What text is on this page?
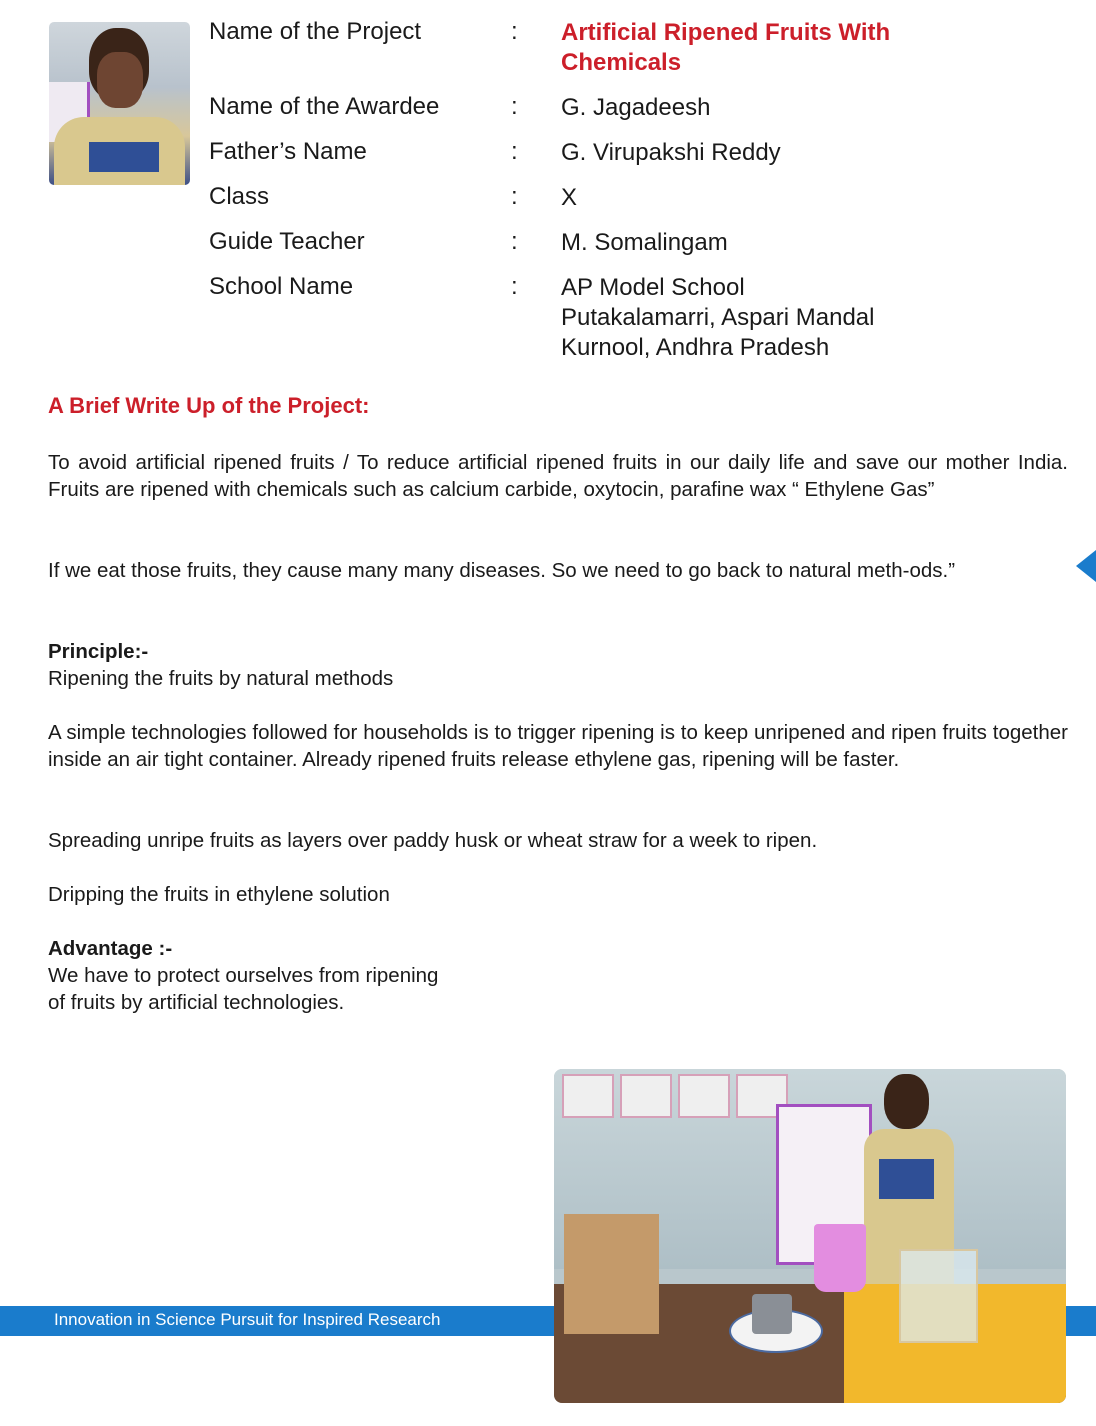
Name of the Project	: Artificial Ripened Fruits With Chemicals
Name of the Awardee	: G. Jagadeesh
Father’s Name	: G. Virupakshi Reddy
Class	: X
Guide Teacher	: M. Somalingam
School Name	: AP Model School
Putakalamarri, Aspari Mandal
Kurnool, Andhra Pradesh
A Brief Write Up of the Project:

To avoid artificial ripened fruits / To reduce artificial ripened fruits in our daily life and save our mother India. Fruits are ripened with chemicals such as calcium carbide, oxytocin, parafine wax “ Ethylene Gas”

If we eat those fruits, they cause many many diseases. So we need to go back to natural meth-ods.”

Principle:-

Ripening the fruits by natural methods

A simple technologies followed for households is to trigger ripening is to keep unripened and ripen fruits together inside an air tight container. Already ripened fruits release ethylene gas, ripening will be faster.

Spreading unripe fruits as layers over paddy husk or wheat straw for a week to ripen.

Dripping the fruits in ethylene solution

Advantage :-

We have to protect ourselves from ripening

of fruits by artificial technologies.

Innovation in Science Pursuit for Inspired Research
